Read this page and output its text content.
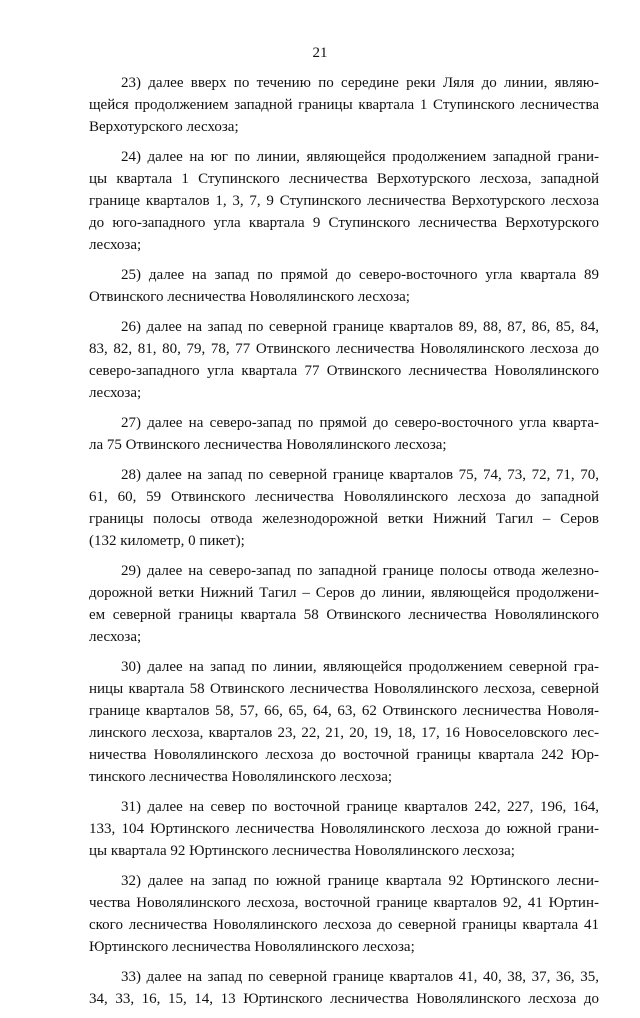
21

23) далее вверх по течению по середине реки Ляля до линии, являю-
щейся продолжением западной границы квартала 1 Ступинского лесничества
Верхотурского лесхоза;

24) далее на юг по линии, являющейся продолжением западной грани-
цы квартала 1 Ступинского лесничества Верхотурского лесхоза, западной
границе кварталов 1, 3, 7, 9 Ступинского лесничества Верхотурского лесхоза
до юго-западного угла квартала 9 Ступинского лесничества Верхотурского
лесхоза;

25) далее на запад по прямой до северо-восточного угла квартала 89
Отвинского лесничества Новолялинского лесхоза;

26) далее на запад по северной границе кварталов 89, 88, 87, 86, 85, 84,
83, 82, 81, 80, 79, 78, 77 Отвинского лесничества Новолялинского лесхоза до
северо-западного угла квартала 77 Отвинского лесничества Новолялинского
лесхоза;

27) далее на северо-запад по прямой до северо-восточного угла кварта-
ла 75 Отвинского лесничества Новолялинского лесхоза;

28) далее на запад по северной границе кварталов 75, 74, 73, 72, 71, 70,
61, 60, 59 Отвинского лесничества Новолялинского лесхоза до западной
границы полосы отвода железнодорожной ветки Нижний Тагил – Серов
(132 километр, 0 пикет);

29) далее на северо-запад по западной границе полосы отвода железно-
дорожной ветки Нижний Тагил – Серов до линии, являющейся продолжени-
ем северной границы квартала 58 Отвинского лесничества Новолялинского
лесхоза;

30) далее на запад по линии, являющейся продолжением северной гра-
ницы квартала 58 Отвинского лесничества Новолялинского лесхоза, северной
границе кварталов 58, 57, 66, 65, 64, 63, 62 Отвинского лесничества Новоля-
линского лесхоза, кварталов 23, 22, 21, 20, 19, 18, 17, 16 Новоселовского лес-
ничества Новолялинского лесхоза до восточной границы квартала 242 Юр-
тинского лесничества Новолялинского лесхоза;

31) далее на север по восточной границе кварталов 242, 227, 196, 164,
133, 104 Юртинского лесничества Новолялинского лесхоза до южной грани-
цы квартала 92 Юртинского лесничества Новолялинского лесхоза;

32) далее на запад по южной границе квартала 92 Юртинского лесни-
чества Новолялинского лесхоза, восточной границе кварталов 92, 41 Юртин-
ского лесничества Новолялинского лесхоза до северной границы квартала 41
Юртинского лесничества Новолялинского лесхоза;

33) далее на запад по северной границе кварталов 41, 40, 38, 37, 36, 35,
34, 33, 16, 15, 14, 13 Юртинского лесничества Новолялинского лесхоза до
